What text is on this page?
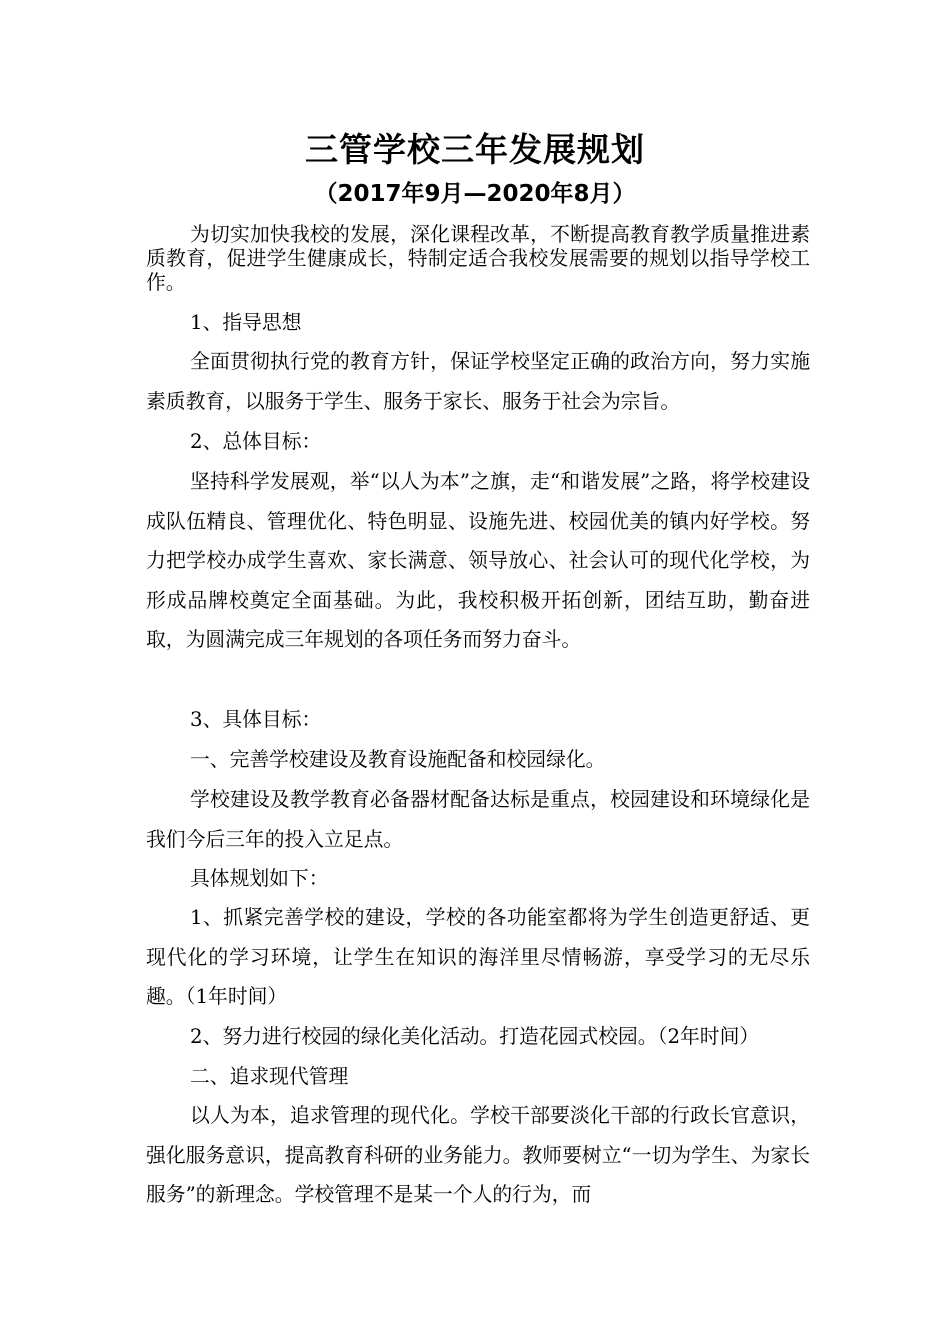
三管学校三年发展规划
（2017年9月—2020年8月）

为切实加快我校的发展，深化课程改革，不断提高教育教学质量推进素质教育，促进学生健康成长，特制定适合我校发展需要的规划以指导学校工作。

1、指导思想

全面贯彻执行党的教育方针，保证学校坚定正确的政治方向，努力实施素质教育，以服务于学生、服务于家长、服务于社会为宗旨。

2、总体目标：

坚持科学发展观，举“以人为本”之旗，走“和谐发展”之路，将学校建设成队伍精良、管理优化、特色明显、设施先进、校园优美的镇内好学校。努力把学校办成学生喜欢、家长满意、领导放心、社会认可的现代化学校，为形成品牌校奠定全面基础。为此，我校积极开拓创新，团结互助，勤奋进取，为圆满完成三年规划的各项任务而努力奋斗。

3、具体目标：

一、完善学校建设及教育设施配备和校园绿化。

学校建设及教学教育必备器材配备达标是重点，校园建设和环境绿化是我们今后三年的投入立足点。

具体规划如下：

1、抓紧完善学校的建设，学校的各功能室都将为学生创造更舒适、更现代化的学习环境，让学生在知识的海洋里尽情畅游，享受学习的无尽乐趣。（1年时间）

2、努力进行校园的绿化美化活动。打造花园式校园。（2年时间）

二、追求现代管理

以人为本，追求管理的现代化。学校干部要淡化干部的行政长官意识，强化服务意识，提高教育科研的业务能力。教师要树立“一切为学生、为家长服务”的新理念。学校管理不是某一个人的行为，而
